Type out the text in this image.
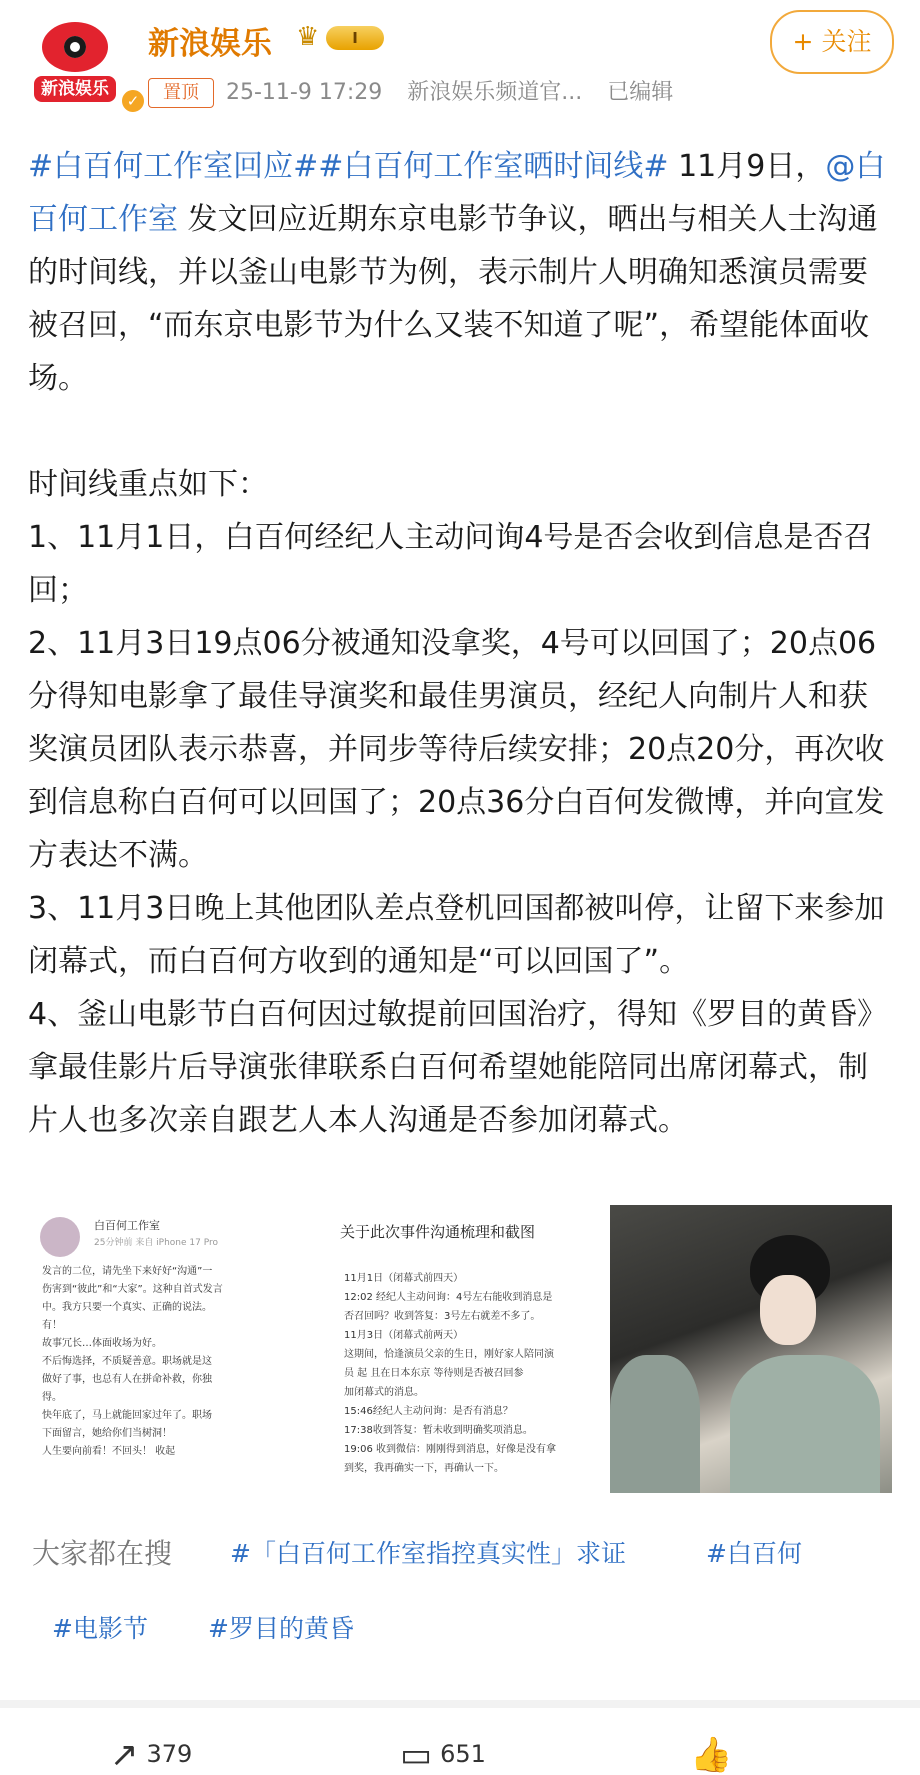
新浪娱乐
✓
新浪娱乐 ♛	I	+ 关注
置顶	25-11-9 17:29 新浪娱乐频道官... 已编辑

#白百何工作室回应##白百何工作室晒时间线# 11月9日，@白百何工作室 发文回应近期东京电影节争议，晒出与相关人士沟通的时间线，并以釜山电影节为例，表示制片人明确知悉演员需要被召回，“而东京电影节为什么又装不知道了呢”，希望能体面收场。

时间线重点如下：

1、11月1日，白百何经纪人主动问询4号是否会收到信息是否召回；

2、11月3日19点06分被通知没拿奖，4号可以回国了；20点06分得知电影拿了最佳导演奖和最佳男演员，经纪人向制片人和获奖演员团队表示恭喜，并同步等待后续安排；20点20分，再次收到信息称白百何可以回国了；20点36分白百何发微博，并向宣发方表达不满。

3、11月3日晚上其他团队差点登机回国都被叫停，让留下来参加闭幕式，而白百何方收到的通知是“可以回国了”。

4、釜山电影节白百何因过敏提前回国治疗，得知《罗目的黄昏》拿最佳影片后导演张律联系白百何希望她能陪同出席闭幕式，制片人也多次亲自跟艺人本人沟通是否参加闭幕式。

白百何工作室
25分钟前 来自 iPhone 17 Pro
发言的二位，请先坐下来好好“沟通”一
伤害到“彼此”和“大家”。这种自首式发言
中。我方只要一个真实、正确的说法。
有！
故事冗长…体面收场为好。
不后悔选择，不质疑善意。职场就是这
做好了事，也总有人在拼命补救，你独
得。
快年底了，马上就能回家过年了。职场
下面留言，她给你们当树洞！
人生要向前看！不回头！ 收起
关于此次事件沟通梳理和截图
11月1日（闭幕式前四天）
12:02 经纪人主动问询：4号左右能收到消息是
否召回吗？收到答复：3号左右就差不多了。
11月3日（闭幕式前两天）
这期间，恰逢演员父亲的生日，刚好家人陪同演
员 起 且在日本东京 等待则是否被召回参
加闭幕式的消息。
15:46经纪人主动问询：是否有消息？
17:38收到答复：暂未收到明确奖项消息。
19:06 收到微信：刚刚得到消息，好像是没有拿
到奖，我再确实一下，再确认一下。
大家都在搜 #「白百何工作室指控真实性」求证	#白百何
#电影节 #罗目的黄昏
↗ 379	▭ 651	👍
